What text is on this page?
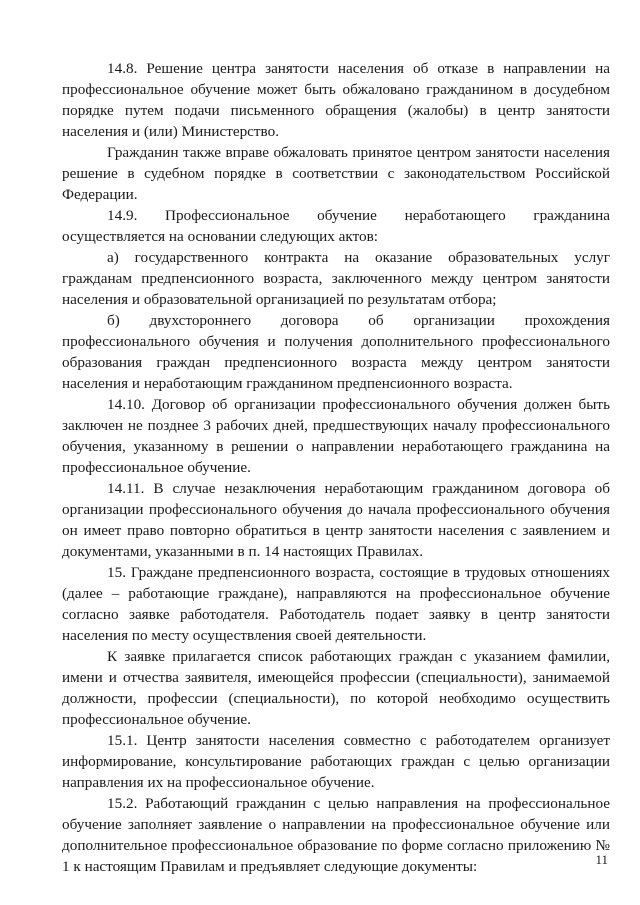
14.8. Решение центра занятости населения об отказе в направлении на профессиональное обучение может быть обжаловано гражданином в досудебном порядке путем подачи письменного обращения (жалобы) в центр занятости населения и (или) Министерство.

Гражданин также вправе обжаловать принятое центром занятости населения решение в судебном порядке в соответствии с законодательством Российской Федерации.

14.9. Профессиональное обучение неработающего гражданина осуществляется на основании следующих актов:

а) государственного контракта на оказание образовательных услуг гражданам предпенсионного возраста, заключенного между центром занятости населения и образовательной организацией по результатам отбора;

б) двухстороннего договора об организации прохождения профессионального обучения и получения дополнительного профессионального образования граждан предпенсионного возраста между центром занятости населения и неработающим гражданином предпенсионного возраста.

14.10. Договор об организации профессионального обучения должен быть заключен не позднее 3 рабочих дней, предшествующих началу профессионального обучения, указанному в решении о направлении неработающего гражданина на профессиональное обучение.

14.11. В случае незаключения неработающим гражданином договора об организации профессионального обучения до начала профессионального обучения он имеет право повторно обратиться в центр занятости населения с заявлением и документами, указанными в п. 14 настоящих Правилах.

15. Граждане предпенсионного возраста, состоящие в трудовых отношениях (далее – работающие граждане), направляются на профессиональное обучение согласно заявке работодателя. Работодатель подает заявку в центр занятости населения по месту осуществления своей деятельности.

К заявке прилагается список работающих граждан с указанием фамилии, имени и отчества заявителя, имеющейся профессии (специальности), занимаемой должности, профессии (специальности), по которой необходимо осуществить профессиональное обучение.

15.1. Центр занятости населения совместно с работодателем организует информирование, консультирование работающих граждан с целью организации направления их на профессиональное обучение.

15.2. Работающий гражданин с целью направления на профессиональное обучение заполняет заявление о направлении на профессиональное обучение или дополнительное профессиональное образование по форме согласно приложению № 1 к настоящим Правилам и предъявляет следующие документы:	11
